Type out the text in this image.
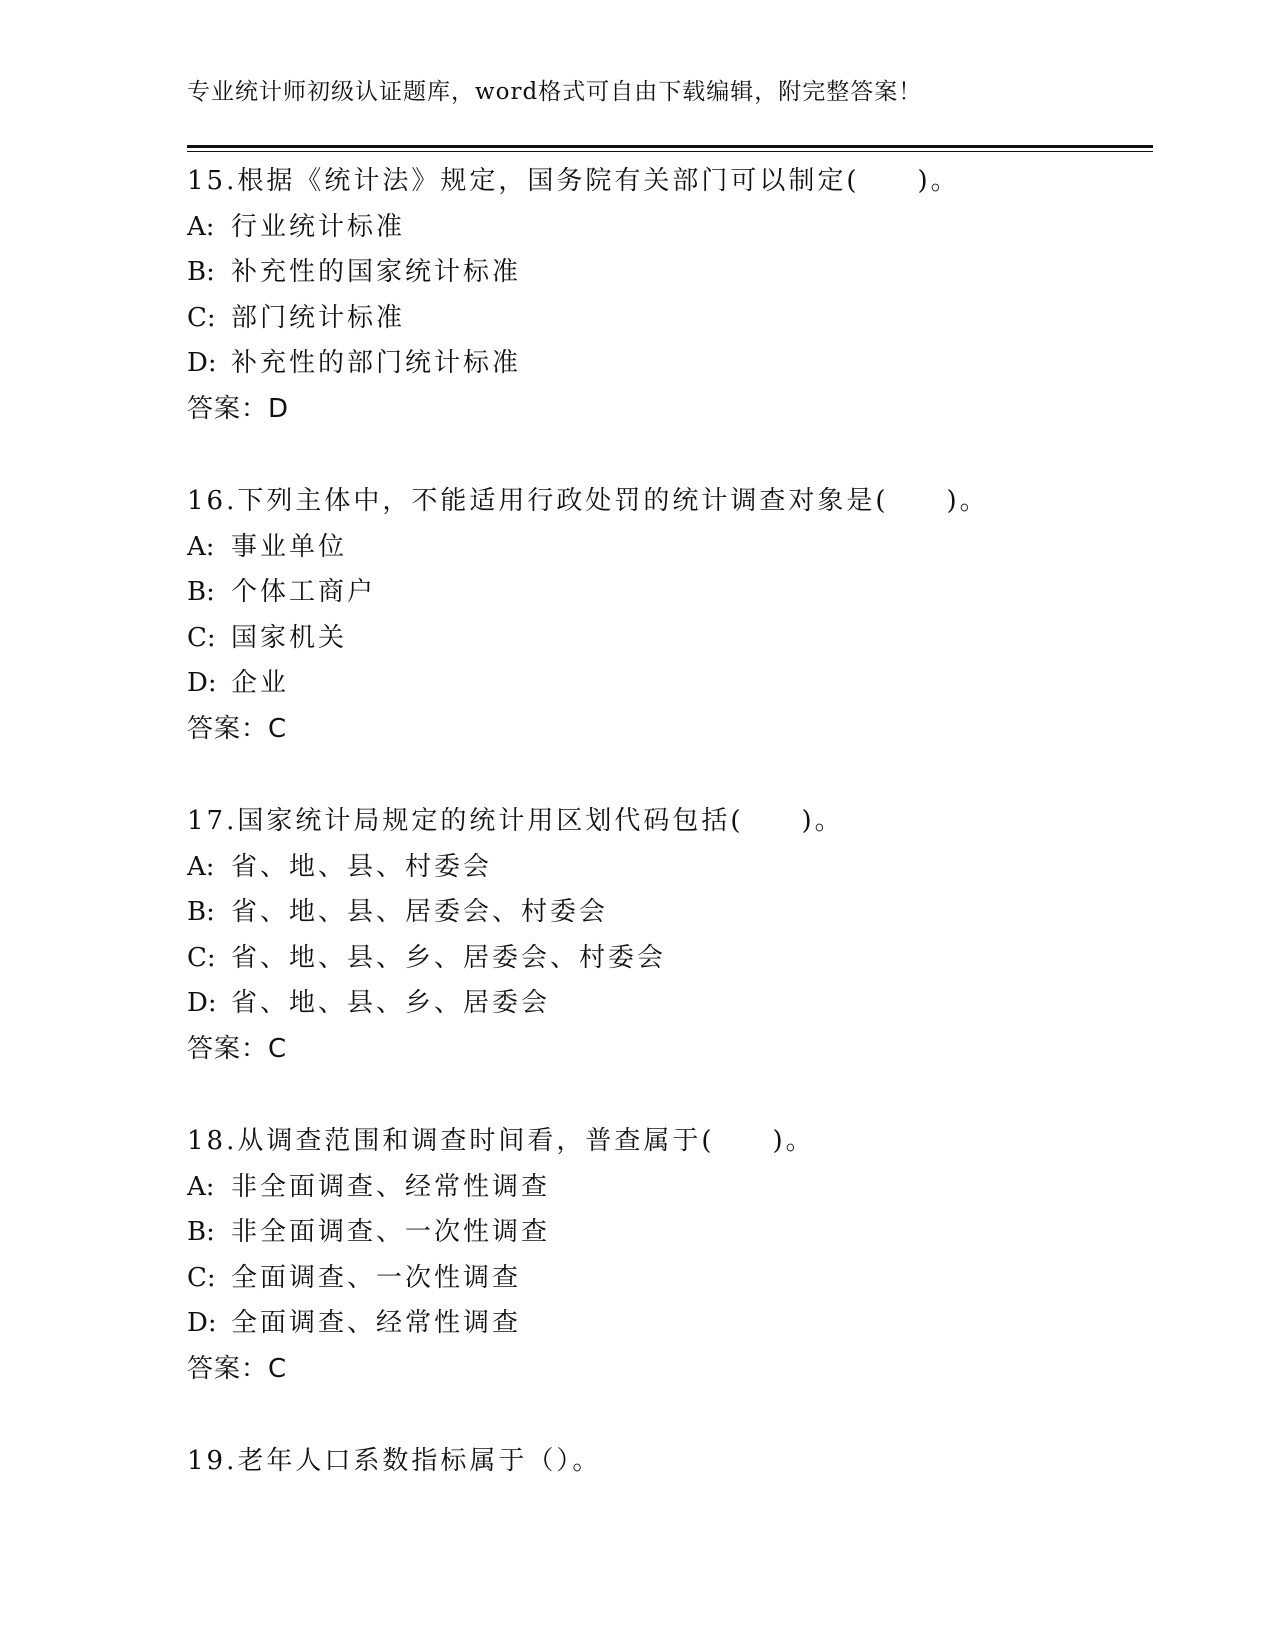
专业统计师初级认证题库，word格式可自由下载编辑，附完整答案！
15.根据《统计法》规定，国务院有关部门可以制定(　　)。
A: 行业统计标准
B: 补充性的国家统计标准
C: 部门统计标准
D: 补充性的部门统计标准
答案：D
16.下列主体中，不能适用行政处罚的统计调查对象是(　　)。
A: 事业单位
B: 个体工商户
C: 国家机关
D: 企业
答案：C
17.国家统计局规定的统计用区划代码包括(　　)。
A: 省、地、县、村委会
B: 省、地、县、居委会、村委会
C: 省、地、县、乡、居委会、村委会
D: 省、地、县、乡、居委会
答案：C
18.从调查范围和调查时间看，普查属于(　　)。
A: 非全面调查、经常性调查
B: 非全面调查、一次性调查
C: 全面调查、一次性调查
D: 全面调查、经常性调查
答案：C
19.老年人口系数指标属于（）。
